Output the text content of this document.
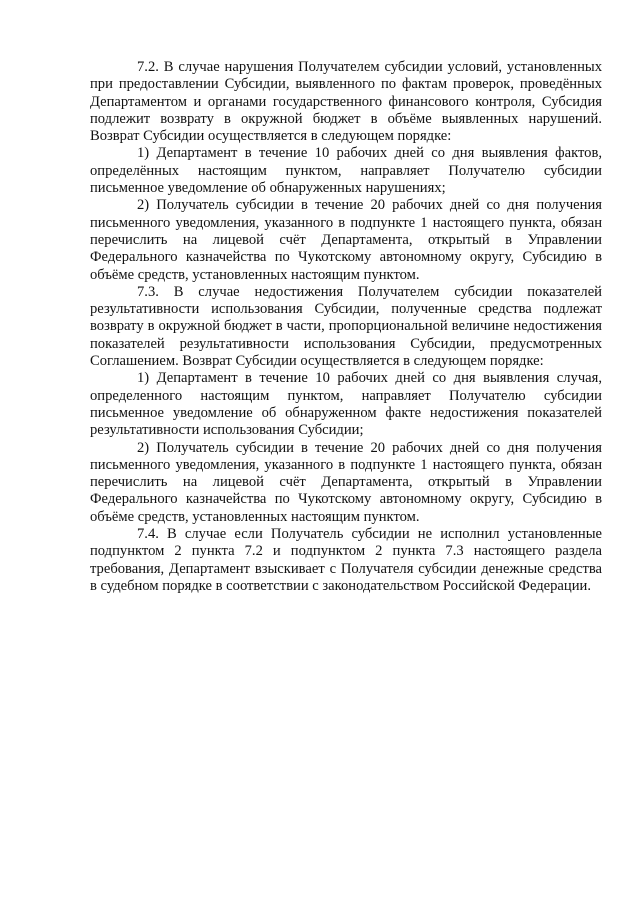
7.2. В случае нарушения Получателем субсидии условий, установленных при предоставлении Субсидии, выявленного по фактам проверок, проведённых Департаментом и органами государственного финансового контроля, Субсидия подлежит возврату в окружной бюджет в объёме выявленных нарушений. Возврат Субсидии осуществляется в следующем порядке:

1) Департамент в течение 10 рабочих дней со дня выявления фактов, определённых настоящим пунктом, направляет Получателю субсидии письменное уведомление об обнаруженных нарушениях;

2) Получатель субсидии в течение 20 рабочих дней со дня получения письменного уведомления, указанного в подпункте 1 настоящего пункта, обязан перечислить на лицевой счёт Департамента, открытый в Управлении Федерального казначейства по Чукотскому автономному округу, Субсидию в объёме средств, установленных настоящим пунктом.

7.3. В случае недостижения Получателем субсидии показателей результативности использования Субсидии, полученные средства подлежат возврату в окружной бюджет в части, пропорциональной величине недостижения показателей результативности использования Субсидии, предусмотренных Соглашением. Возврат Субсидии осуществляется в следующем порядке:

1) Департамент в течение 10 рабочих дней со дня выявления случая, определенного настоящим пунктом, направляет Получателю субсидии письменное уведомление об обнаруженном факте недостижения показателей результативности использования Субсидии;

2) Получатель субсидии в течение 20 рабочих дней со дня получения письменного уведомления, указанного в подпункте 1 настоящего пункта, обязан перечислить на лицевой счёт Департамента, открытый в Управлении Федерального казначейства по Чукотскому автономному округу, Субсидию в объёме средств, установленных настоящим пунктом.

7.4. В случае если Получатель субсидии не исполнил установленные подпунктом 2 пункта 7.2 и подпунктом 2 пункта 7.3 настоящего раздела требования, Департамент взыскивает с Получателя субсидии денежные средства в судебном порядке в соответствии с законодательством Российской Федерации.
